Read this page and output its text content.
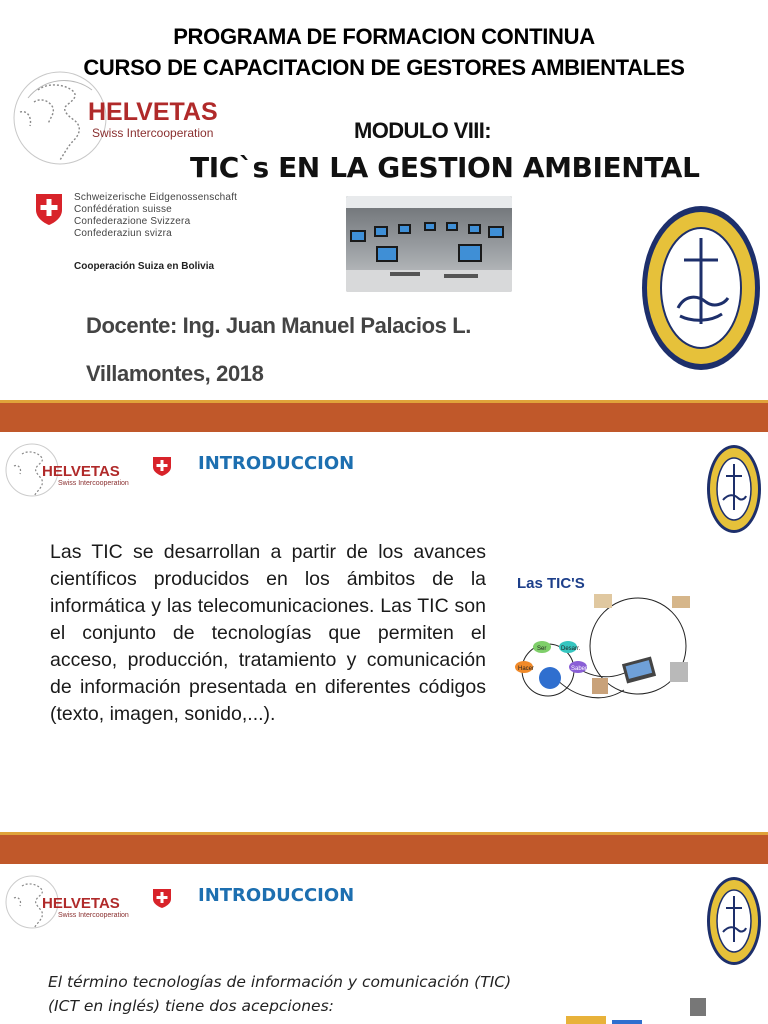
PROGRAMA DE FORMACION CONTINUA
CURSO DE CAPACITACION DE GESTORES AMBIENTALES
HELVETAS
Swiss Intercooperation	MODULO VIII:
TIC`s EN LA GESTION AMBIENTAL
Schweizerische Eidgenossenschaft
Confédération suisse
Confederazione Svizzera
Confederaziun svizra
Cooperación Suiza en Bolivia
Docente: Ing. Juan Manuel Palacios L.
Villamontes, 2018
HELVETAS
Swiss Intercooperation
INTRODUCCION
Las TIC se desarrollan a partir de los avances científicos producidos en los ámbitos de la informática y las telecomunicaciones. Las TIC son el conjunto de tecnologías que permiten el acceso, producción, tratamiento y comunicación de información presentada en diferentes códigos (texto, imagen, sonido,...).
Las TIC'S
Ser Desarr.
Hacer	Saber
HELVETAS
Swiss Intercooperation
INTRODUCCION
El término tecnologías de información y comunicación (TIC) (ICT en inglés) tiene dos acepciones:
